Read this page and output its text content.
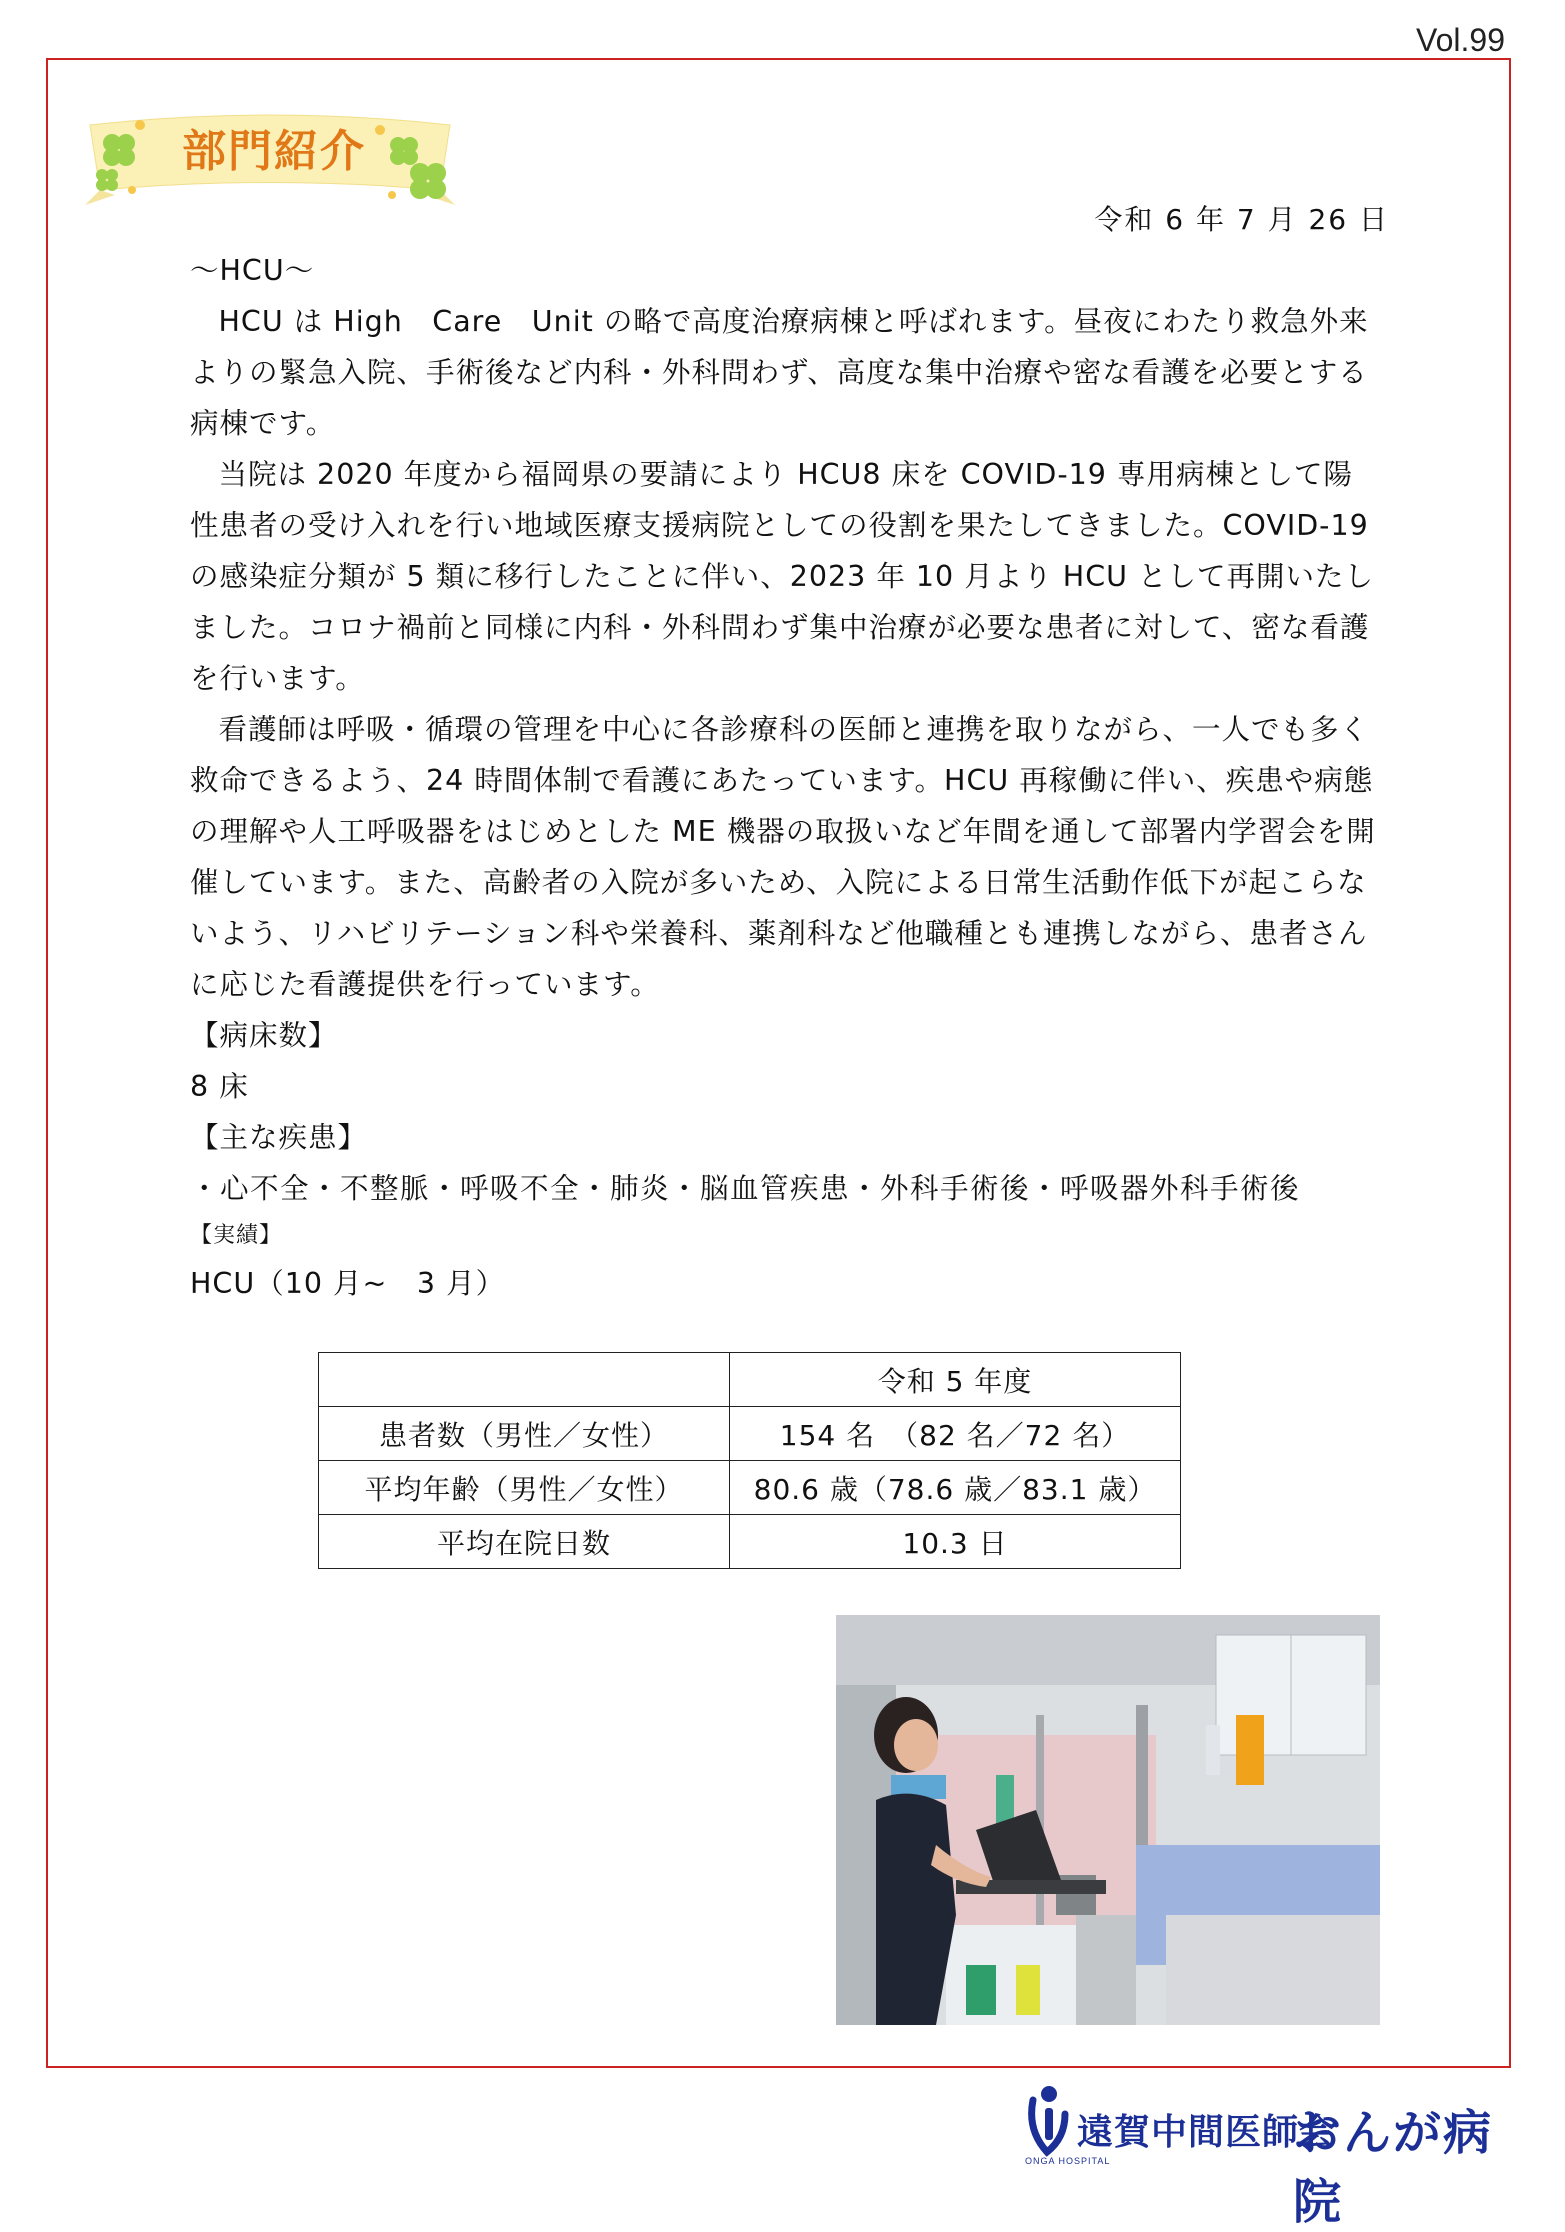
Vol.99
部門紹介
令和 6 年 7 月 26 日

～HCU～

HCU は High　Care　Unit の略で高度治療病棟と呼ばれます。昼夜にわたり救急外来よりの緊急入院、手術後など内科・外科問わず、高度な集中治療や密な看護を必要とする病棟です。

当院は 2020 年度から福岡県の要請により HCU8 床を COVID-19 専用病棟として陽性患者の受け入れを行い地域医療支援病院としての役割を果たしてきました。COVID-19 の感染症分類が 5 類に移行したことに伴い、2023 年 10 月より HCU として再開いたしました。コロナ禍前と同様に内科・外科問わず集中治療が必要な患者に対して、密な看護を行います。

看護師は呼吸・循環の管理を中心に各診療科の医師と連携を取りながら、一人でも多く救命できるよう、24 時間体制で看護にあたっています。HCU 再稼働に伴い、疾患や病態の理解や人工呼吸器をはじめとした ME 機器の取扱いなど年間を通して部署内学習会を開催しています。また、高齢者の入院が多いため、入院による日常生活動作低下が起こらないよう、リハビリテーション科や栄養科、薬剤科など他職種とも連携しながら、患者さんに応じた看護提供を行っています。

【病床数】

8 床

【主な疾患】

・心不全・不整脈・呼吸不全・肺炎・脳血管疾患・外科手術後・呼吸器外科手術後

【実績】

HCU（10 月~　3 月）

	令和 5 年度
患者数（男性／女性）	154 名　（82 名／72 名）
平均年齢（男性／女性）	80.6 歳（78.6 歳／83.1 歳）
平均在院日数	10.3 日
遠賀中間医師会
おんが病院
ONGA HOSPITAL
